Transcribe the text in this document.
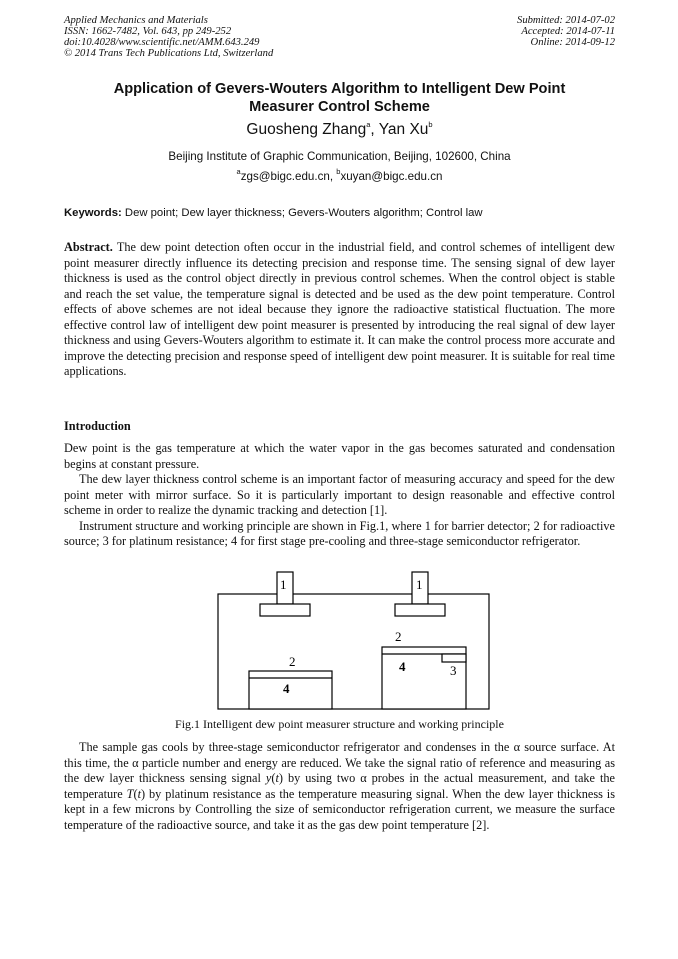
Applied Mechanics and Materials
ISSN: 1662-7482, Vol. 643, pp 249-252
doi:10.4028/www.scientific.net/AMM.643.249
© 2014 Trans Tech Publications Ltd, Switzerland
Submitted: 2014-07-02
Accepted: 2014-07-11
Online: 2014-09-12
Application of Gevers-Wouters Algorithm to Intelligent Dew Point
Measurer Control Scheme
Guosheng Zhang$^a$, Yan Xu$^b$
Beijing Institute of Graphic Communication, Beijing, 102600, China
$^a$zgs@bigc.edu.cn, $^b$xuyan@bigc.edu.cn
Keywords: Dew point; Dew layer thickness; Gevers-Wouters algorithm; Control law
Abstract. The dew point detection often occur in the industrial field, and control schemes of intelligent dew point measurer directly influence its detecting precision and response time. The sensing signal of dew layer thickness is used as the control object directly in previous control schemes. When the control object is stable and reach the set value, the temperature signal is detected and be used as the dew point temperature. Control effects of above schemes are not ideal because they ignore the radioactive statistical fluctuation. The more effective control law of intelligent dew point measurer is presented by introducing the real signal of dew layer thickness and using Gevers-Wouters algorithm to estimate it. It can make the control process more accurate and improve the detecting precision and response speed of intelligent dew point measurer. It is suitable for real time applications.
Introduction

Dew point is the gas temperature at which the water vapor in the gas becomes saturated and condensation begins at constant pressure.

The dew layer thickness control scheme is an important factor of measuring accuracy and speed for the dew point meter with mirror surface. So it is particularly important to design reasonable and effective control scheme in order to realize the dynamic tracking and detection [1].

Instrument structure and working principle are shown in Fig.1, where 1 for barrier detector; 2 for radioactive source; 3 for platinum resistance; 4 for first stage pre-cooling and three-stage semiconductor refrigerator.

1	1
2
2	4
4
3
Fig.1 Intelligent dew point measurer structure and working principle

The sample gas cools by three-stage semiconductor refrigerator and condenses in the α source surface. At this time, the α particle number and energy are reduced. We take the signal ratio of reference and measuring as the dew layer thickness sensing signal y(t) by using two α probes in the actual measurement, and take the temperature T(t) by platinum resistance as the temperature measuring signal. When the dew layer thickness is kept in a few microns by Controlling the size of semiconductor refrigeration current, we measure the surface temperature of the radioactive source, and take it as the gas dew point temperature [2].
